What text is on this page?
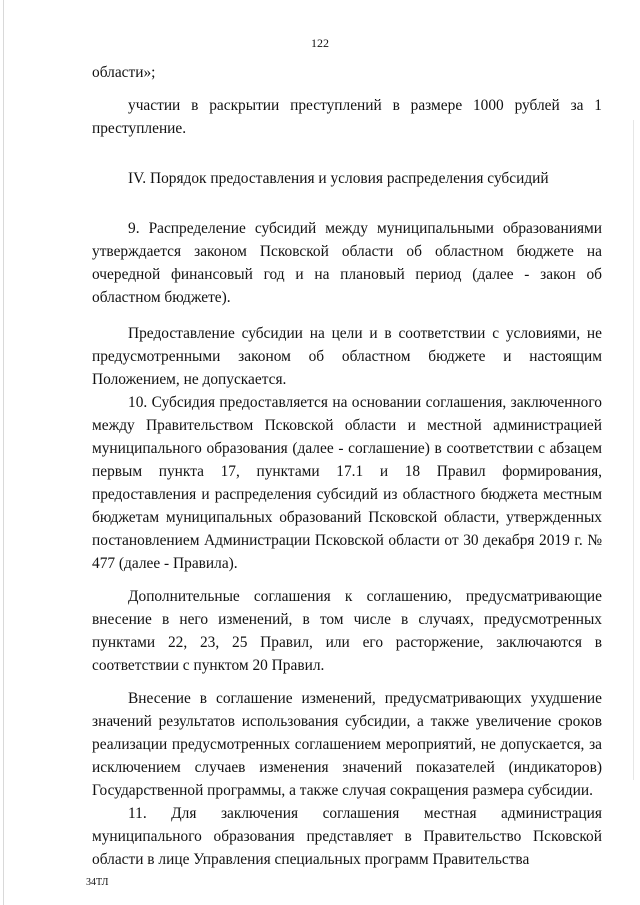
122

области»;

участии в раскрытии преступлений в размере 1000 рублей за 1 преступление.

IV. Порядок предоставления и условия распределения субсидий

9. Распределение субсидий между муниципальными образованиями утверждается законом Псковской области об областном бюджете на очередной финансовый год и на плановый период (далее - закон об областном бюджете).

Предоставление субсидии на цели и в соответствии с условиями, не предусмотренными законом об областном бюджете и настоящим Положением, не допускается.

10. Субсидия предоставляется на основании соглашения, заключенного между Правительством Псковской области и местной администрацией муниципального образования (далее - соглашение) в соответствии с абзацем первым пункта 17, пунктами 17.1 и 18 Правил формирования, предоставления и распределения субсидий из областного бюджета местным бюджетам муниципальных образований Псковской области, утвержденных постановлением Администрации Псковской области от 30 декабря 2019 г. № 477 (далее - Правила).

Дополнительные соглашения к соглашению, предусматривающие внесение в него изменений, в том числе в случаях, предусмотренных пунктами 22, 23, 25 Правил, или его расторжение, заключаются в соответствии с пунктом 20 Правил.

Внесение в соглашение изменений, предусматривающих ухудшение значений результатов использования субсидии, а также увеличение сроков реализации предусмотренных соглашением мероприятий, не допускается, за исключением случаев изменения значений показателей (индикаторов) Государственной программы, а также случая сокращения размера субсидии.

11. Для заключения соглашения местная администрация муниципального образования представляет в Правительство Псковской области в лице Управления специальных программ Правительства

34ТЛ
